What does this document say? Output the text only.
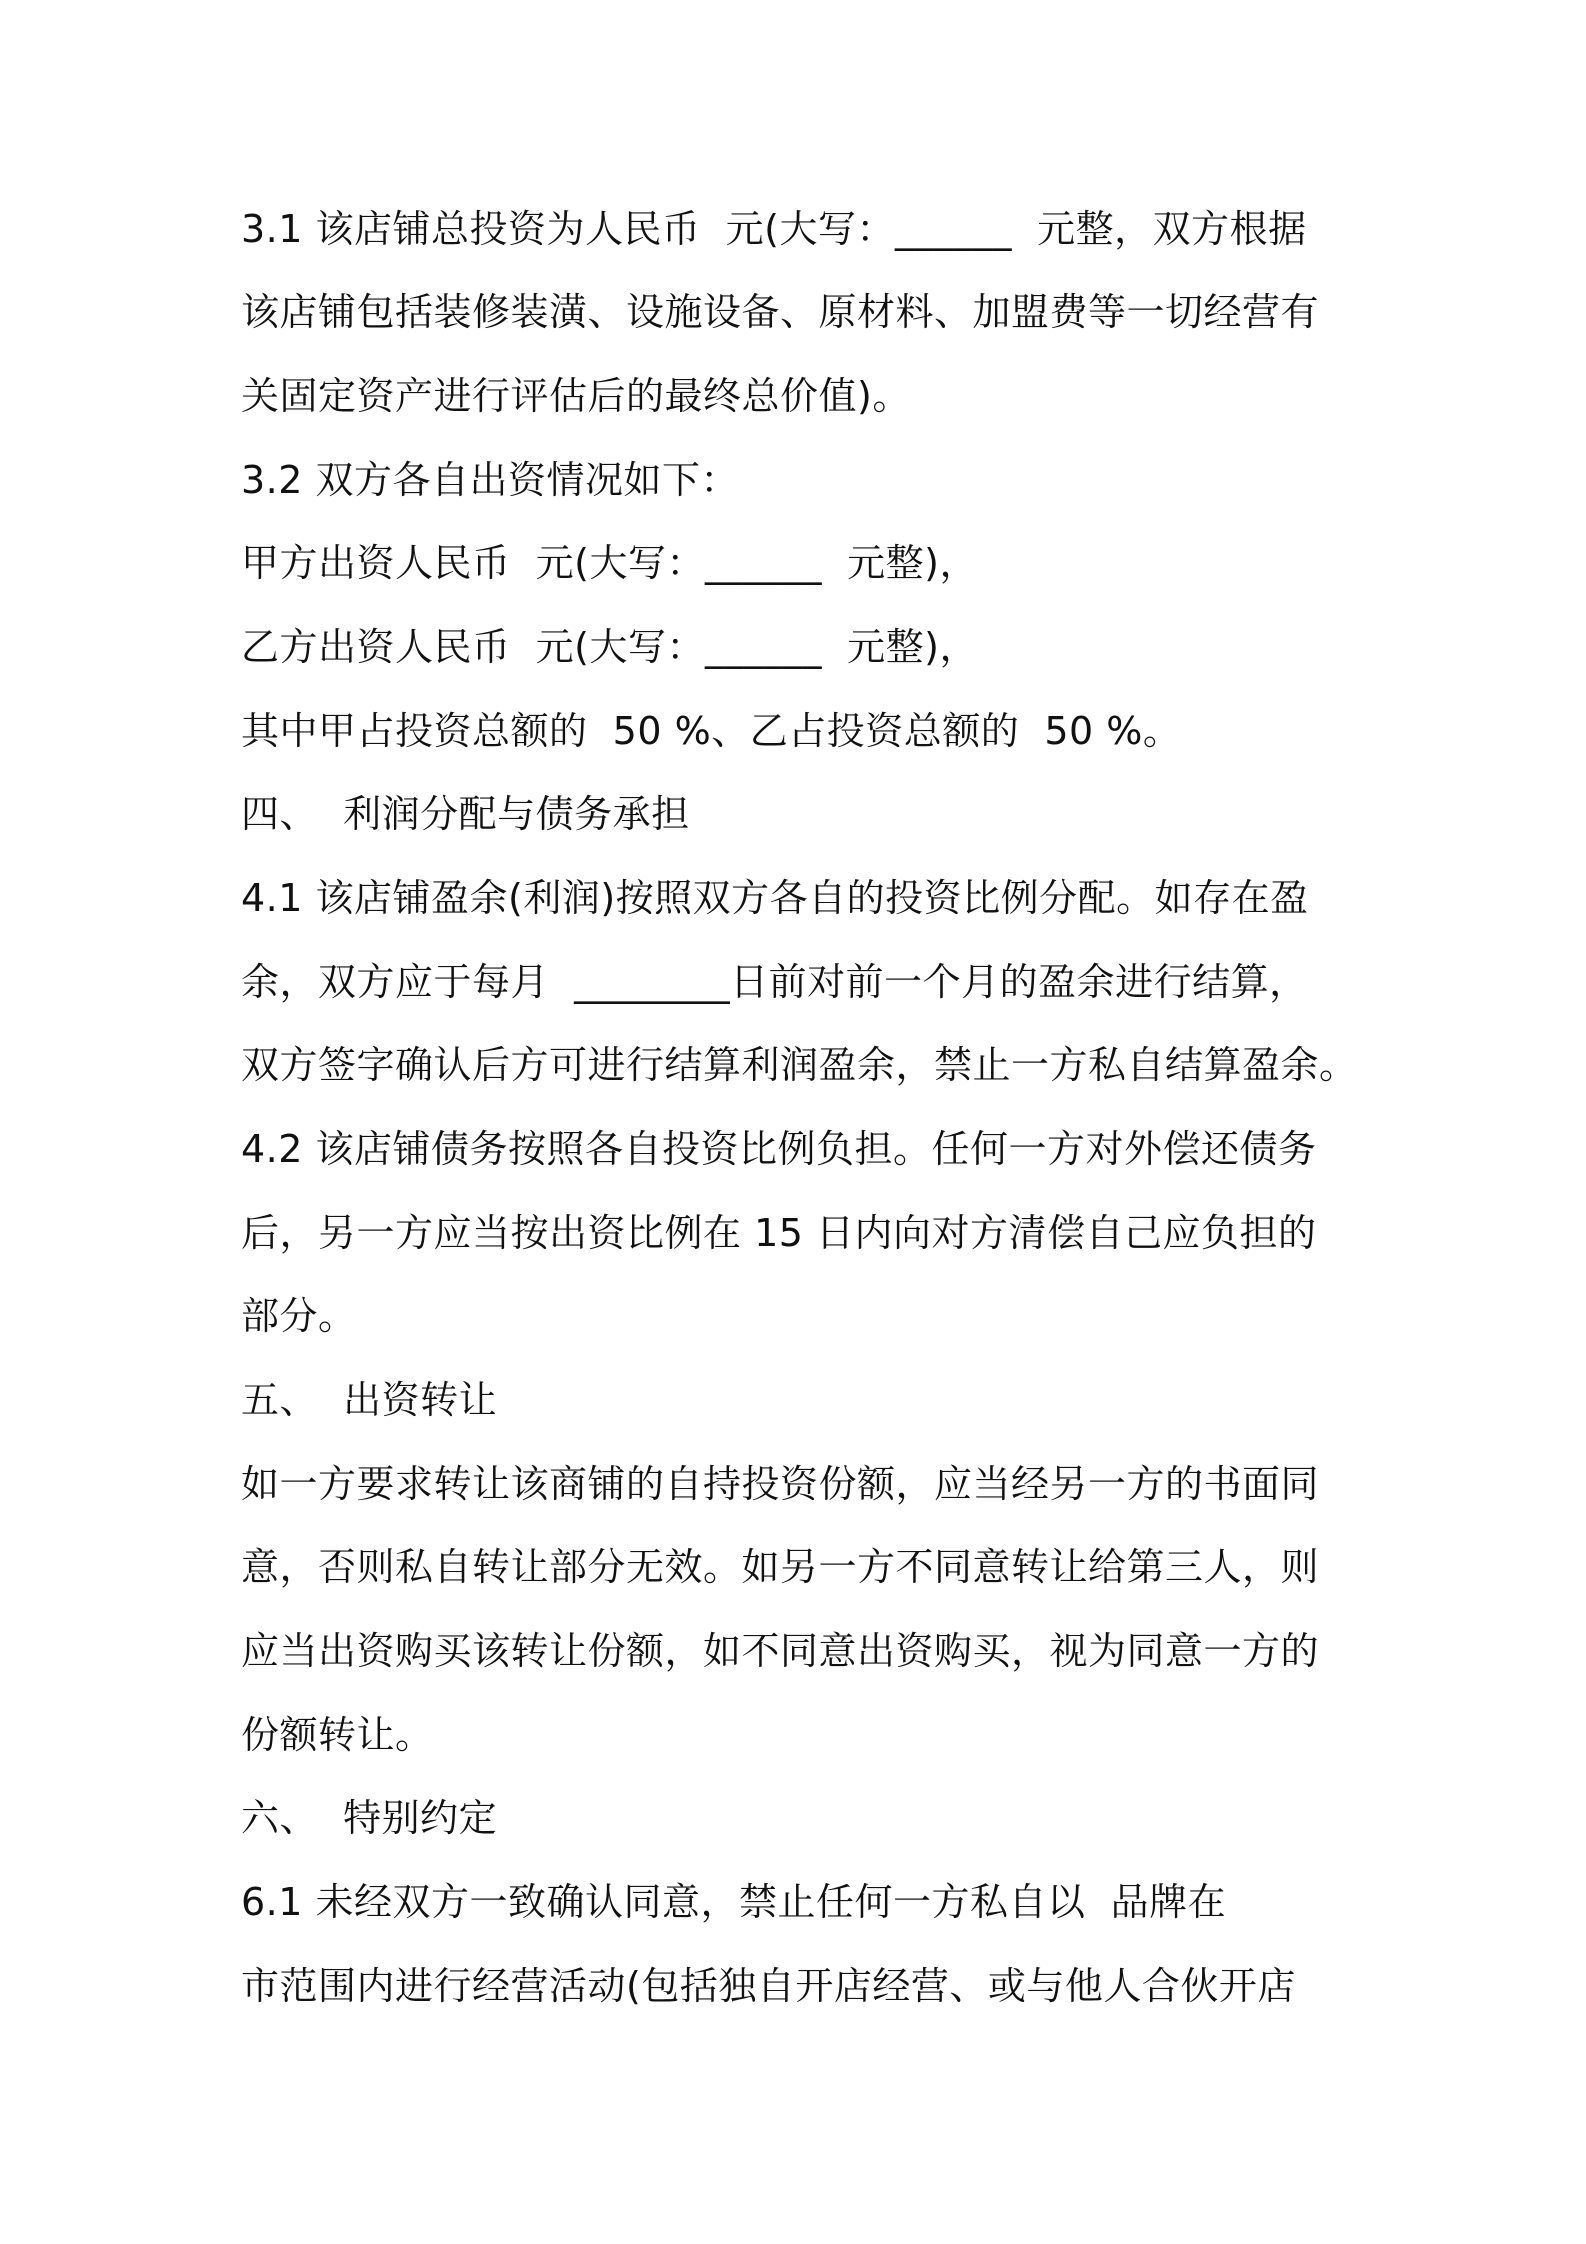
3.1 该店铺总投资为人民币  元(大写：______  元整，双方根据
该店铺包括装修装潢、设施设备、原材料、加盟费等一切经营有
关固定资产进行评估后的最终总价值)。
3.2 双方各自出资情况如下：
甲方出资人民币  元(大写：______  元整)，
乙方出资人民币  元(大写：______  元整)，
其中甲占投资总额的  50 %、乙占投资总额的  50 %。
四、  利润分配与债务承担
4.1 该店铺盈余(利润)按照双方各自的投资比例分配。如存在盈
余，双方应于每月  ________日前对前一个月的盈余进行结算，
双方签字确认后方可进行结算利润盈余，禁止一方私自结算盈余。
4.2 该店铺债务按照各自投资比例负担。任何一方对外偿还债务
后，另一方应当按出资比例在 15 日内向对方清偿自己应负担的
部分。
五、  出资转让
如一方要求转让该商铺的自持投资份额，应当经另一方的书面同
意，否则私自转让部分无效。如另一方不同意转让给第三人，则
应当出资购买该转让份额，如不同意出资购买，视为同意一方的
份额转让。
六、  特别约定
6.1 未经双方一致确认同意，禁止任何一方私自以  品牌在
市范围内进行经营活动(包括独自开店经营、或与他人合伙开店
